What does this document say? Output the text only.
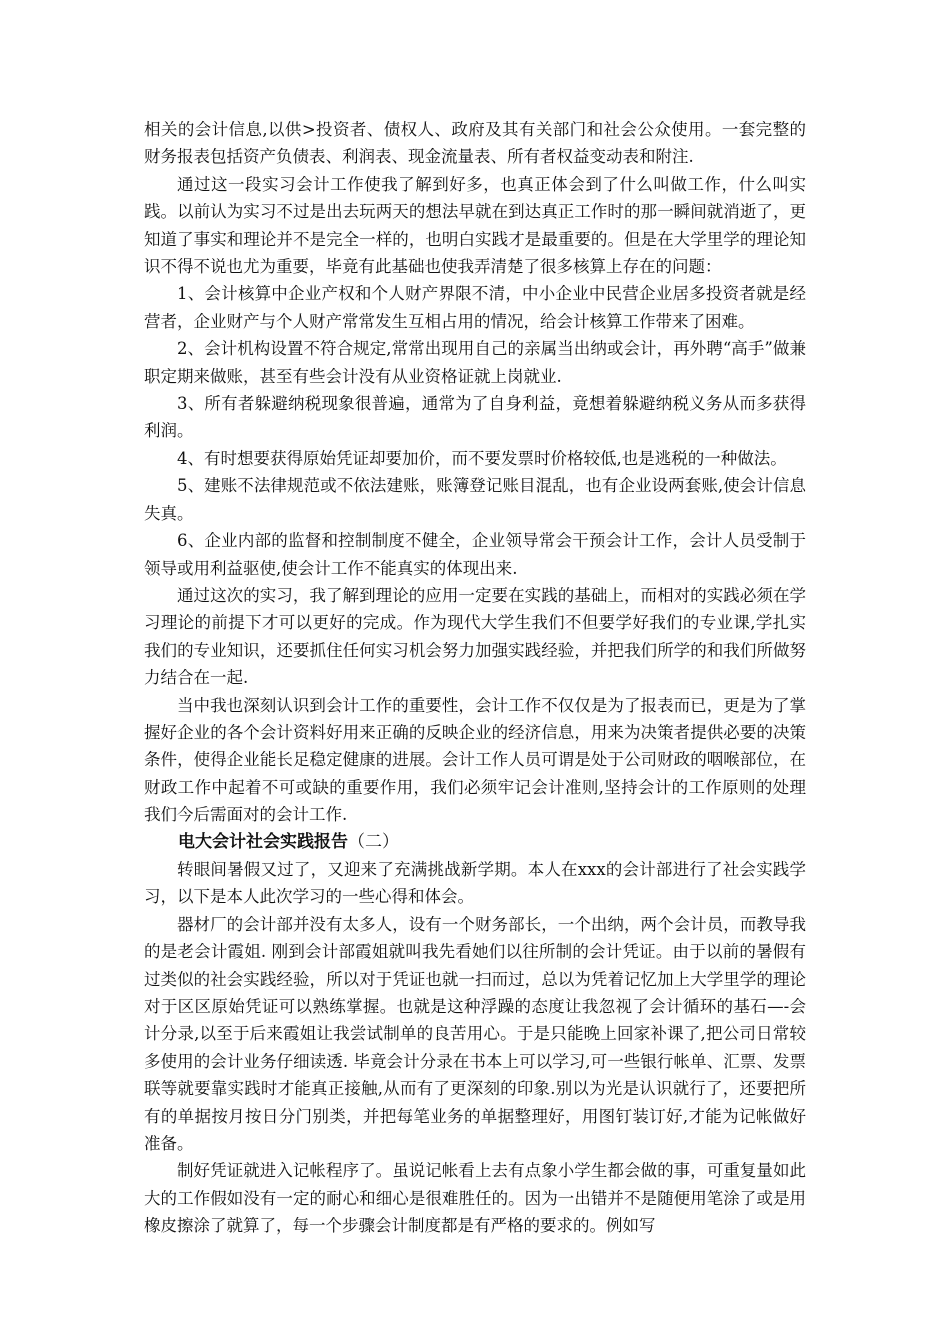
相关的会计信息,以供>投资者、债权人、政府及其有关部门和社会公众使用。一套完整的财务报表包括资产负债表、利润表、现金流量表、所有者权益变动表和附注.

通过这一段实习会计工作使我了解到好多，也真正体会到了什么叫做工作，什么叫实践。以前认为实习不过是出去玩两天的想法早就在到达真正工作时的那一瞬间就消逝了，更知道了事实和理论并不是完全一样的，也明白实践才是最重要的。但是在大学里学的理论知识不得不说也尤为重要，毕竟有此基础也使我弄清楚了很多核算上存在的问题：

1、会计核算中企业产权和个人财产界限不清，中小企业中民营企业居多投资者就是经营者，企业财产与个人财产常常发生互相占用的情况，给会计核算工作带来了困难。

2、会计机构设置不符合规定,常常出现用自己的亲属当出纳或会计，再外聘“高手”做兼职定期来做账，甚至有些会计没有从业资格证就上岗就业.

3、所有者躲避纳税现象很普遍，通常为了自身利益，竟想着躲避纳税义务从而多获得利润。

4、有时想要获得原始凭证却要加价，而不要发票时价格较低,也是逃税的一种做法。

5、建账不法律规范或不依法建账，账簿登记账目混乱，也有企业设两套账,使会计信息失真。

6、企业内部的监督和控制制度不健全，企业领导常会干预会计工作，会计人员受制于领导或用利益驱使,使会计工作不能真实的体现出来.

通过这次的实习，我了解到理论的应用一定要在实践的基础上，而相对的实践必须在学习理论的前提下才可以更好的完成。作为现代大学生我们不但要学好我们的专业课,学扎实我们的专业知识，还要抓住任何实习机会努力加强实践经验，并把我们所学的和我们所做努力结合在一起.

当中我也深刻认识到会计工作的重要性，会计工作不仅仅是为了报表而已，更是为了掌握好企业的各个会计资料好用来正确的反映企业的经济信息，用来为决策者提供必要的决策条件，使得企业能长足稳定健康的进展。会计工作人员可谓是处于公司财政的咽喉部位，在财政工作中起着不可或缺的重要作用，我们必须牢记会计准则,坚持会计的工作原则的处理我们今后需面对的会计工作.

电大会计社会实践报告（二）

转眼间暑假又过了，又迎来了充满挑战新学期。本人在xxx的会计部进行了社会实践学习，以下是本人此次学习的一些心得和体会。

器材厂的会计部并没有太多人，设有一个财务部长，一个出纳，两个会计员，而教导我的是老会计霞姐. 刚到会计部霞姐就叫我先看她们以往所制的会计凭证。由于以前的暑假有过类似的社会实践经验，所以对于凭证也就一扫而过，总以为凭着记忆加上大学里学的理论对于区区原始凭证可以熟练掌握。也就是这种浮躁的态度让我忽视了会计循环的基石—-会计分录,以至于后来霞姐让我尝试制单的良苦用心。于是只能晚上回家补课了,把公司日常较多使用的会计业务仔细读透. 毕竟会计分录在书本上可以学习,可一些银行帐单、汇票、发票联等就要靠实践时才能真正接触,从而有了更深刻的印象.别以为光是认识就行了，还要把所有的单据按月按日分门别类，并把每笔业务的单据整理好，用图钉装订好,才能为记帐做好准备。

制好凭证就进入记帐程序了。虽说记帐看上去有点象小学生都会做的事，可重复量如此大的工作假如没有一定的耐心和细心是很难胜任的。因为一出错并不是随便用笔涂了或是用橡皮擦涂了就算了，每一个步骤会计制度都是有严格的要求的。例如写
